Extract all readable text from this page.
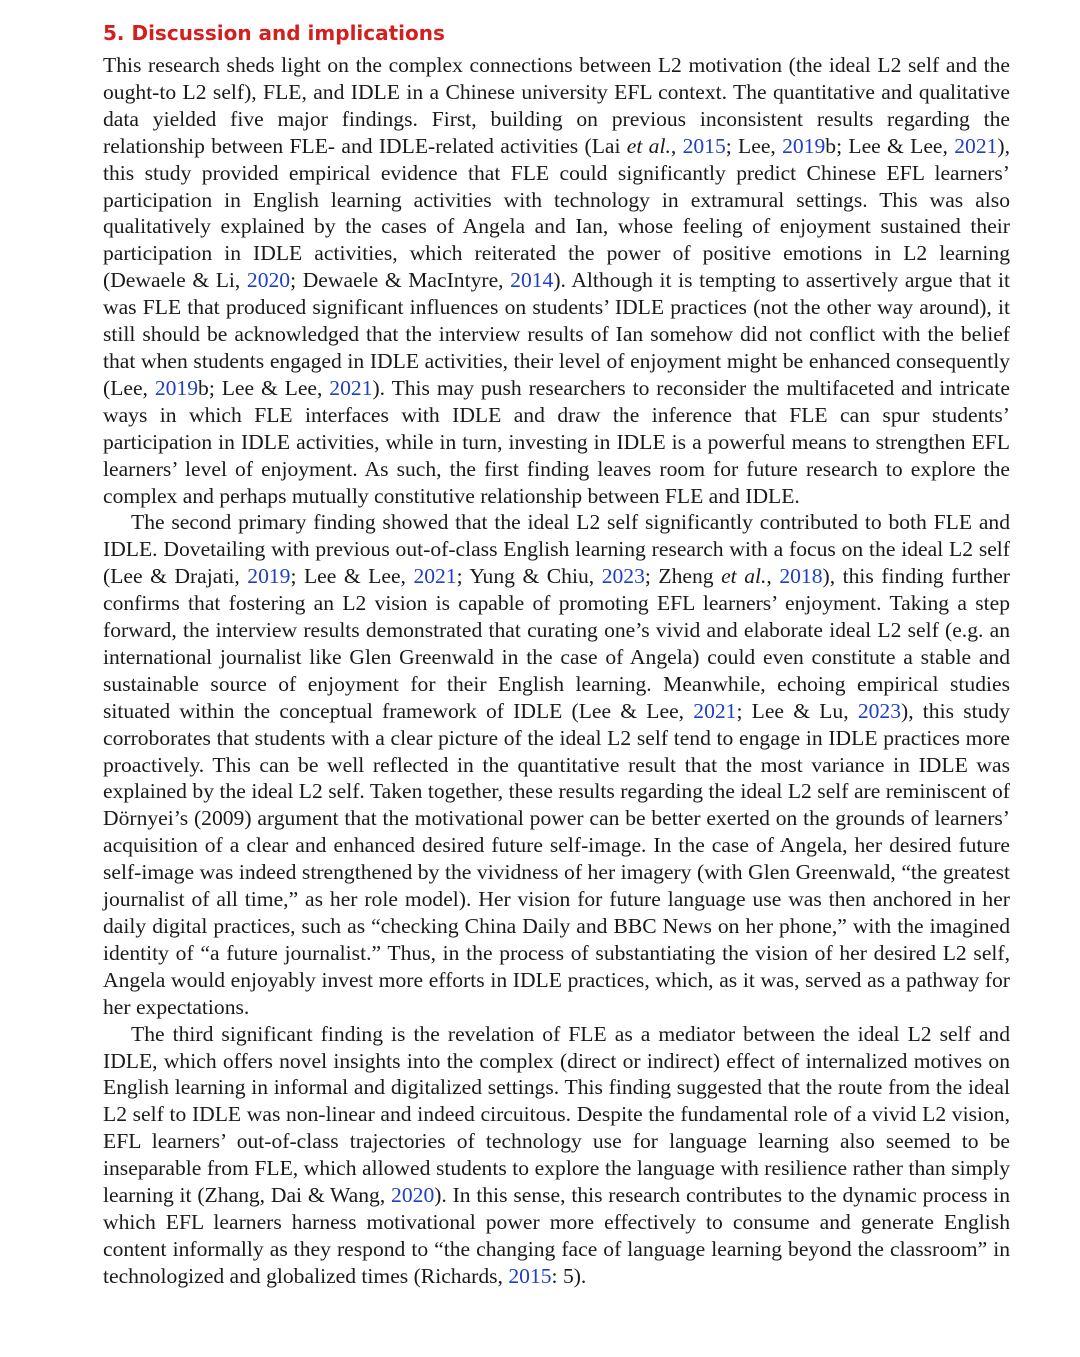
5. Discussion and implications

This research sheds light on the complex connections between L2 motivation (the ideal L2 self and the ought-to L2 self), FLE, and IDLE in a Chinese university EFL context. The quantitative and qualitative data yielded five major findings. First, building on previous inconsistent results regarding the relationship between FLE- and IDLE-related activities (Lai et al., 2015; Lee, 2019b; Lee & Lee, 2021), this study provided empirical evidence that FLE could significantly predict Chinese EFL learners’ participation in English learning activities with technology in extramural settings. This was also qualitatively explained by the cases of Angela and Ian, whose feeling of enjoyment sustained their participation in IDLE activities, which reiterated the power of positive emotions in L2 learning (Dewaele & Li, 2020; Dewaele & MacIntyre, 2014). Although it is tempting to assertively argue that it was FLE that produced significant influences on students’ IDLE practices (not the other way around), it still should be acknowledged that the interview results of Ian somehow did not conflict with the belief that when students engaged in IDLE activities, their level of enjoyment might be enhanced consequently (Lee, 2019b; Lee & Lee, 2021). This may push researchers to reconsider the multifaceted and intricate ways in which FLE interfaces with IDLE and draw the inference that FLE can spur students’ participation in IDLE activities, while in turn, investing in IDLE is a powerful means to strengthen EFL learners’ level of enjoyment. As such, the first finding leaves room for future research to explore the complex and perhaps mutually constitutive relationship between FLE and IDLE.

The second primary finding showed that the ideal L2 self significantly contributed to both FLE and IDLE. Dovetailing with previous out-of-class English learning research with a focus on the ideal L2 self (Lee & Drajati, 2019; Lee & Lee, 2021; Yung & Chiu, 2023; Zheng et al., 2018), this finding further confirms that fostering an L2 vision is capable of promoting EFL learners’ enjoyment. Taking a step forward, the interview results demonstrated that curating one’s vivid and elaborate ideal L2 self (e.g. an international journalist like Glen Greenwald in the case of Angela) could even constitute a stable and sustainable source of enjoyment for their English learning. Meanwhile, echoing empirical studies situated within the conceptual framework of IDLE (Lee & Lee, 2021; Lee & Lu, 2023), this study corroborates that students with a clear picture of the ideal L2 self tend to engage in IDLE practices more proactively. This can be well reflected in the quantitative result that the most variance in IDLE was explained by the ideal L2 self. Taken together, these results regarding the ideal L2 self are reminiscent of Dörnyei’s (2009) argument that the motivational power can be better exerted on the grounds of learners’ acquisition of a clear and enhanced desired future self-image. In the case of Angela, her desired future self-image was indeed strengthened by the vividness of her imagery (with Glen Greenwald, “the greatest journalist of all time,” as her role model). Her vision for future language use was then anchored in her daily digital practices, such as “checking China Daily and BBC News on her phone,” with the imagined identity of “a future journalist.” Thus, in the process of substantiating the vision of her desired L2 self, Angela would enjoyably invest more efforts in IDLE practices, which, as it was, served as a pathway for her expectations.

The third significant finding is the revelation of FLE as a mediator between the ideal L2 self and IDLE, which offers novel insights into the complex (direct or indirect) effect of internalized motives on English learning in informal and digitalized settings. This finding suggested that the route from the ideal L2 self to IDLE was non-linear and indeed circuitous. Despite the fundamental role of a vivid L2 vision, EFL learners’ out-of-class trajectories of technology use for language learning also seemed to be inseparable from FLE, which allowed students to explore the language with resilience rather than simply learning it (Zhang, Dai & Wang, 2020). In this sense, this research contributes to the dynamic process in which EFL learners harness motivational power more effectively to consume and generate English content informally as they respond to “the changing face of language learning beyond the classroom” in technologized and globalized times (Richards, 2015: 5).
